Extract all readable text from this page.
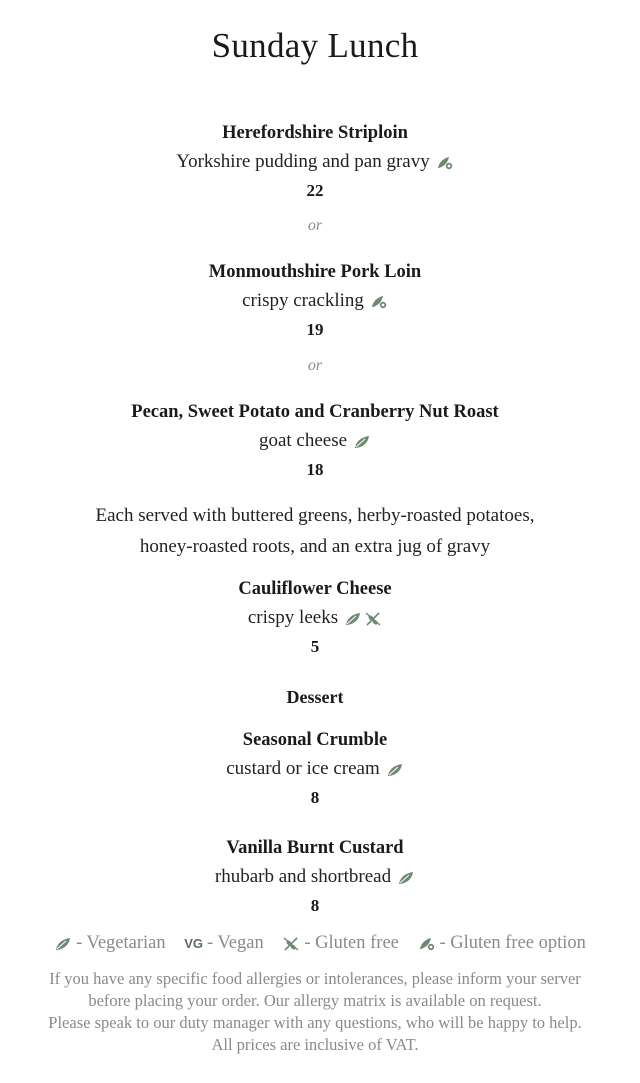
Sunday Lunch
Herefordshire Striploin
Yorkshire pudding and pan gravy
22
or
Monmouthshire Pork Loin
crispy crackling
19
or
Pecan, Sweet Potato and Cranberry Nut Roast
goat cheese
18
Each served with buttered greens, herby-roasted potatoes,
honey-roasted roots, and an extra jug of gravy
Cauliflower Cheese
crispy leeks
5
Dessert
Seasonal Crumble
custard or ice cream
8
Vanilla Burnt Custard
rhubarb and shortbread
8
- Vegetarian VG - Vegan - Gluten free - Gluten free option

If you have any specific food allergies or intolerances, please inform your server

before placing your order. Our allergy matrix is available on request.

Please speak to our duty manager with any questions, who will be happy to help.

All prices are inclusive of VAT.
